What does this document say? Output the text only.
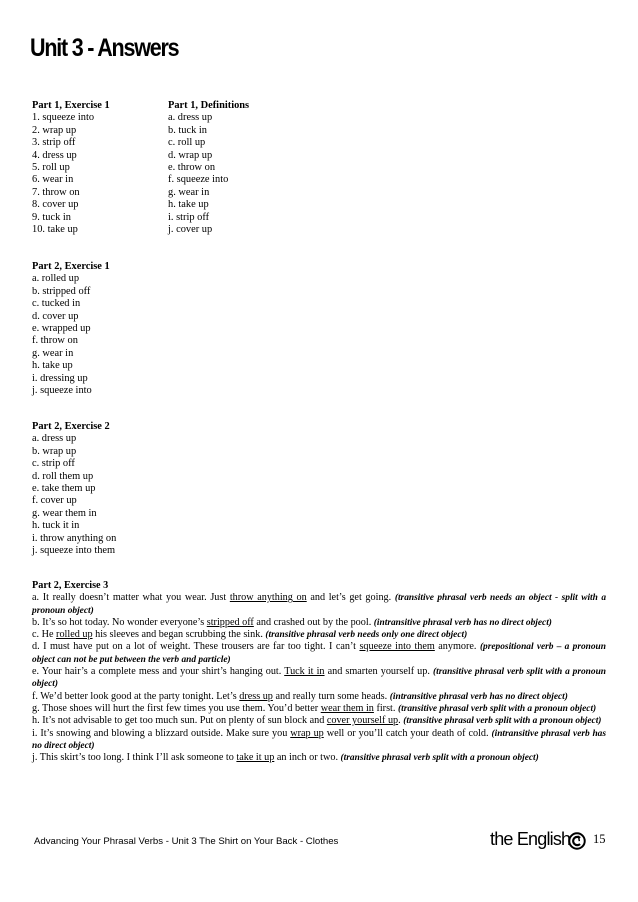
Unit 3 - Answers
Part 1, Exercise 1
1. squeeze into
2. wrap up
3. strip off
4. dress up
5. roll up
6. wear in
7. throw on
8. cover up
9. tuck in
10. take up
Part 1, Definitions
a. dress up
b. tuck in
c. roll up
d. wrap up
e. throw on
f. squeeze into
g. wear in
h. take up
i. strip off
j. cover up
Part 2, Exercise 1
a. rolled up
b. stripped off
c. tucked in
d. cover up
e. wrapped up
f. throw on
g. wear in
h. take up
i. dressing up
j. squeeze into
Part 2, Exercise 2
a. dress up
b. wrap up
c. strip off
d. roll them up
e. take them up
f. cover up
g. wear them in
h. tuck it in
i. throw anything on
j. squeeze into them

Part 2, Exercise 3

a. It really doesn’t matter what you wear. Just throw anything on and let’s get going. (transitive phrasal verb needs an object - split with a pronoun object)

b. It’s so hot today. No wonder everyone’s stripped off and crashed out by the pool. (intransitive phrasal verb has no direct object)

c. He rolled up his sleeves and began scrubbing the sink. (transitive phrasal verb needs only one direct object)

d. I must have put on a lot of weight. These trousers are far too tight. I can’t squeeze into them anymore. (prepositional verb – a pronoun object can not be put between the verb and particle)

e. Your hair’s a complete mess and your shirt’s hanging out. Tuck it in and smarten yourself up. (transitive phrasal verb split with a pronoun object)

f. We’d better look good at the party tonight. Let’s dress up and really turn some heads. (intransitive phrasal verb has no direct object)

g. Those shoes will hurt the first few times you use them. You’d better wear them in first. (transitive phrasal verb split with a pronoun object)

h. It’s not advisable to get too much sun. Put on plenty of sun block and cover yourself up. (transitive phrasal verb split with a pronoun object)

i. It’s snowing and blowing a blizzard outside. Make sure you wrap up well or you’ll catch your death of cold. (intransitive phrasal verb has no direct object)

j. This skirt’s too long. I think I’ll ask someone to take it up an inch or two. (transitive phrasal verb split with a pronoun object)

Advancing Your Phrasal Verbs - Unit 3 The Shirt on Your Back - Clothes	the English 15
